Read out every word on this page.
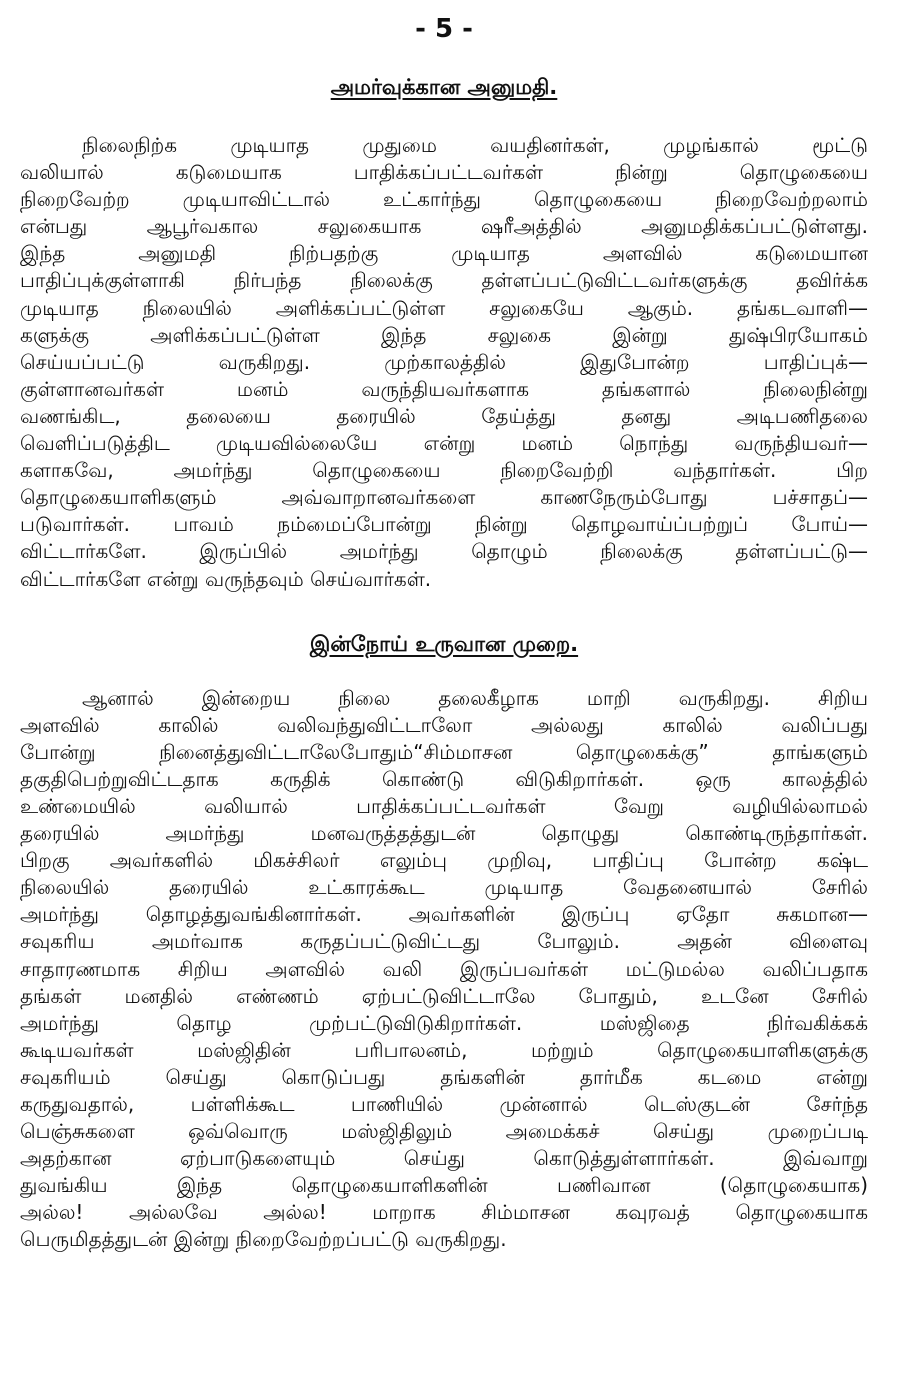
- 5 -
அமர்வுக்கான அனுமதி.
நிலைநிற்க முடியாத முதுமை வயதினர்கள், முழங்கால் மூட்டு
வலியால் கடுமையாக பாதிக்கப்பட்டவர்கள் நின்று தொழுகையை
நிறைவேற்ற முடியாவிட்டால் உட்கார்ந்து தொழுகையை நிறைவேற்றலாம்
என்பது ஆபூர்வகால சலுகையாக ஷரீஅத்தில் அனுமதிக்கப்பட்டுள்ளது.
இந்த அனுமதி நிற்பதற்கு முடியாத அளவில் கடுமையான
பாதிப்புக்குள்ளாகி நிர்பந்த நிலைக்கு தள்ளப்பட்டுவிட்டவர்களுக்கு தவிர்க்க
முடியாத நிலையில் அளிக்கப்பட்டுள்ள சலுகையே ஆகும். தங்கடவாளி—
களுக்கு அளிக்கப்பட்டுள்ள இந்த சலுகை இன்று துஷ்பிரயோகம்
செய்யப்பட்டு வருகிறது. முற்காலத்தில் இதுபோன்ற பாதிப்புக்—
குள்ளானவர்கள் மனம் வருந்தியவர்களாக தங்களால் நிலைநின்று
வணங்கிட, தலையை தரையில் தேய்த்து தனது அடிபணிதலை
வெளிப்படுத்திட முடியவில்லையே என்று மனம் நொந்து வருந்தியவர்—
களாகவே, அமர்ந்து தொழுகையை நிறைவேற்றி வந்தார்கள். பிற
தொழுகையாளிகளும் அவ்வாறானவர்களை காணநேரும்போது பச்சாதப்—
படுவார்கள். பாவம் நம்மைப்போன்று நின்று தொழவாய்ப்பற்றுப் போய்—
விட்டார்களே. இருப்பில் அமர்ந்து தொழும் நிலைக்கு தள்ளப்பட்டு—
விட்டார்களே என்று வருந்தவும் செய்வார்கள்.
இன்நோய் உருவான முறை.
ஆனால் இன்றைய நிலை தலைகீழாக மாறி வருகிறது. சிறிய
அளவில் காலில் வலிவந்துவிட்டாலோ அல்லது காலில் வலிப்பது
போன்று நினைத்துவிட்டாலேபோதும்“சிம்மாசன தொழுகைக்கு” தாங்களும்
தகுதிபெற்றுவிட்டதாக கருதிக் கொண்டு விடுகிறார்கள். ஒரு காலத்தில்
உண்மையில் வலியால் பாதிக்கப்பட்டவர்கள் வேறு வழியில்லாமல்
தரையில் அமர்ந்து மனவருத்தத்துடன் தொழுது கொண்டிருந்தார்கள்.
பிறகு அவர்களில் மிகச்சிலர் எலும்பு முறிவு, பாதிப்பு போன்ற கஷ்ட
நிலையில் தரையில் உட்காரக்கூட முடியாத வேதனையால் சேரில்
அமர்ந்து தொழத்துவங்கினார்கள். அவர்களின் இருப்பு ஏதோ சுகமான—
சவுகரிய அமர்வாக கருதப்பட்டுவிட்டது போலும். அதன் விளைவு
சாதாரணமாக சிறிய அளவில் வலி இருப்பவர்கள் மட்டுமல்ல வலிப்பதாக
தங்கள் மனதில் எண்ணம் ஏற்பட்டுவிட்டாலே போதும், உடனே சேரில்
அமர்ந்து தொழ முற்பட்டுவிடுகிறார்கள். மஸ்ஜிதை நிர்வகிக்கக்
கூடியவர்கள் மஸ்ஜிதின் பரிபாலனம், மற்றும் தொழுகையாளிகளுக்கு
சவுகரியம் செய்து கொடுப்பது தங்களின் தார்மீக கடமை என்று
கருதுவதால், பள்ளிக்கூட பாணியில் முன்னால் டெஸ்குடன் சேர்ந்த
பெஞ்சுகளை ஒவ்வொரு மஸ்ஜிதிலும் அமைக்கச் செய்து முறைப்படி
அதற்கான ஏற்பாடுகளையும் செய்து கொடுத்துள்ளார்கள். இவ்வாறு
துவங்கிய இந்த தொழுகையாளிகளின் பணிவான (தொழுகையாக)
அல்ல! அல்லவே அல்ல! மாறாக சிம்மாசன கவுரவத் தொழுகையாக
பெருமிதத்துடன் இன்று நிறைவேற்றப்பட்டு வருகிறது.
